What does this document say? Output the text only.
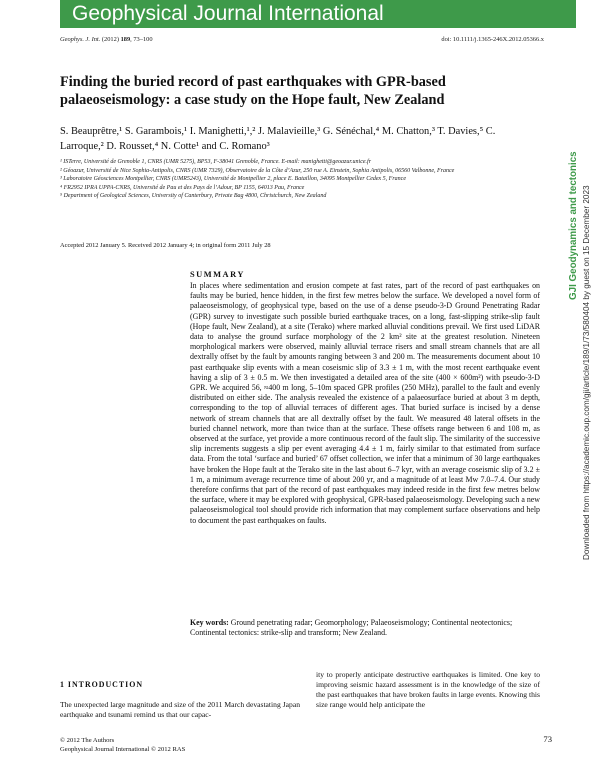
Geophysical Journal International
Geophys. J. Int. (2012) 189, 73–100	doi: 10.1111/j.1365-246X.2012.05366.x
Finding the buried record of past earthquakes with GPR-based palaeoseismology: a case study on the Hope fault, New Zealand
S. Beauprêtre,¹ S. Garambois,¹ I. Manighetti,¹,² J. Malavieille,³ G. Sénéchal,⁴ M. Chatton,³ T. Davies,⁵ C. Larroque,² D. Rousset,⁴ N. Cotte¹ and C. Romano³
¹ ISTerre, Université de Grenoble 1, CNRS (UMR 5275), BP53, F-38041 Grenoble, France. E-mail: manighetti@geoazur.unice.fr
² Géoazur, Université de Nice Sophia-Antipolis, CNRS (UMR 7329), Observatoire de la Côte d’Azur, 250 rue A. Einstein, Sophia Antipolis, 06560 Valbonne, France
³ Laboratoire Géosciences Montpellier, CNRS (UMR5243), Université de Montpellier 2, place E. Bataillon, 34095 Montpellier Cedex 5, France
⁴ FR2952 IPRA UPPA-CNRS, Université de Pau et des Pays de l’Adour, BP 1155, 64013 Pau, France
⁵ Department of Geological Sciences, University of Canterbury, Private Bag 4800, Christchurch, New Zealand
Accepted 2012 January 5. Received 2012 January 4; in original form 2011 July 28
SUMMARY
In places where sedimentation and erosion compete at fast rates, part of the record of past earthquakes on faults may be buried, hence hidden, in the first few metres below the surface. We developed a novel form of palaeoseismology, of geophysical type, based on the use of a dense pseudo-3-D Ground Penetrating Radar (GPR) survey to investigate such possible buried earthquake traces, on a long, fast-slipping strike-slip fault (Hope fault, New Zealand), at a site (Terako) where marked alluvial conditions prevail. We first used LiDAR data to analyse the ground surface morphology of the 2 km² site at the greatest resolution. Nineteen morphological markers were observed, mainly alluvial terrace risers and small stream channels that are all dextrally offset by the fault by amounts ranging between 3 and 200 m. The measurements document about 10 past earthquake slip events with a mean coseismic slip of 3.3 ± 1 m, with the most recent earthquake event having a slip of 3 ± 0.5 m. We then investigated a detailed area of the site (400 × 600m²) with pseudo-3-D GPR. We acquired 56, ≈400 m long, 5–10m spaced GPR profiles (250 MHz), parallel to the fault and evenly distributed on either side. The analysis revealed the existence of a palaeosurface buried at about 3 m depth, corresponding to the top of alluvial terraces of different ages. That buried surface is incised by a dense network of stream channels that are all dextrally offset by the fault. We measured 48 lateral offsets in the buried channel network, more than twice than at the surface. These offsets range between 6 and 108 m, as observed at the surface, yet provide a more continuous record of the fault slip. The similarity of the successive slip increments suggests a slip per event averaging 4.4 ± 1 m, fairly similar to that estimated from surface data. From the total ‘surface and buried’ 67 offset collection, we infer that a minimum of 30 large earthquakes have broken the Hope fault at the Terako site in the last about 6–7 kyr, with an average coseismic slip of 3.2 ± 1 m, a minimum average recurrence time of about 200 yr, and a magnitude of at least Mw 7.0–7.4. Our study therefore confirms that part of the record of past earthquakes may indeed reside in the first few metres below the surface, where it may be explored with geophysical, GPR-based palaeoseismology. Developing such a new palaeoseismological tool should provide rich information that may complement surface observations and help to document the past earthquakes on faults.
Key words: Ground penetrating radar; Geomorphology; Palaeoseismology; Continental neotectonics; Continental tectonics: strike-slip and transform; New Zealand.
1 INTRODUCTION
The unexpected large magnitude and size of the 2011 March devastating Japan earthquake and tsunami remind us that our capac-
ity to properly anticipate destructive earthquakes is limited. One key to improving seismic hazard assessment is in the knowledge of the size of the past earthquakes that have broken faults in large events. Knowing this size range would help anticipate the
© 2012 The Authors
Geophysical Journal International © 2012 RAS
73
GJI Geodynamics and tectonics Downloaded from https://academic.oup.com/gji/article/189/1/73/580404 by guest on 15 December 2023
